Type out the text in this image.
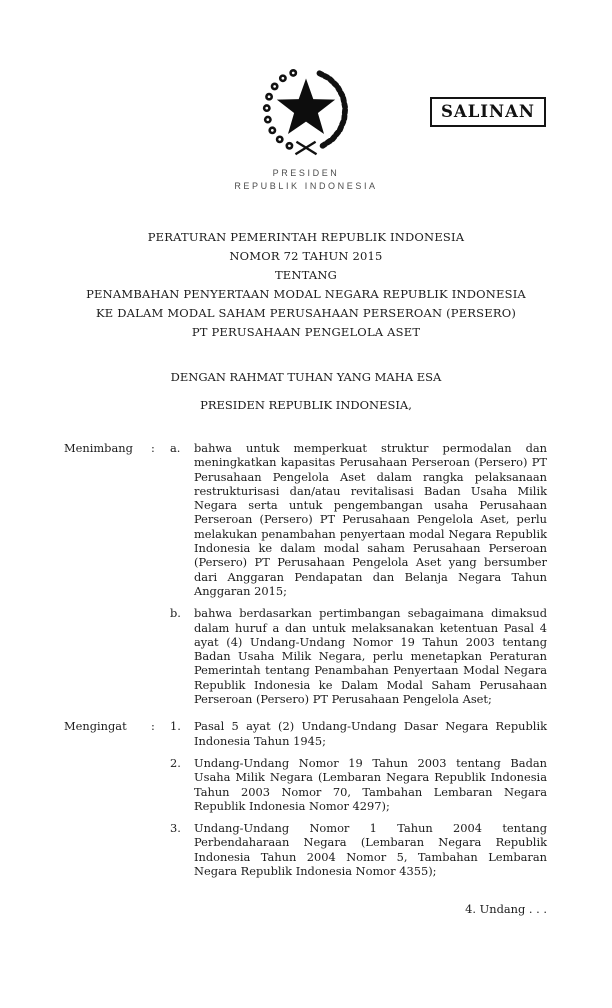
SALINAN
PRESIDEN
REPUBLIK INDONESIA
PERATURAN PEMERINTAH REPUBLIK INDONESIA
NOMOR 72 TAHUN 2015
TENTANG
PENAMBAHAN PENYERTAAN MODAL NEGARA REPUBLIK INDONESIA
KE DALAM MODAL SAHAM PERUSAHAAN PERSEROAN (PERSERO)
PT PERUSAHAAN PENGELOLA ASET
DENGAN RAHMAT TUHAN YANG MAHA ESA
PRESIDEN REPUBLIK INDONESIA,
Menimbang	:	a.	bahwa untuk memperkuat struktur permodalan dan meningkatkan kapasitas Perusahaan Perseroan (Persero) PT Perusahaan Pengelola Aset dalam rangka pelaksanaan restrukturisasi dan/atau revitalisasi Badan Usaha Milik Negara serta untuk pengembangan usaha Perusahaan Perseroan (Persero) PT Perusahaan Pengelola Aset, perlu melakukan penambahan penyertaan modal Negara Republik Indonesia ke dalam modal saham Perusahaan Perseroan (Persero) PT Perusahaan Pengelola Aset yang bersumber dari Anggaran Pendapatan dan Belanja Negara Tahun Anggaran 2015;
b.	bahwa berdasarkan pertimbangan sebagaimana dimaksud dalam huruf a dan untuk melaksanakan ketentuan Pasal 4 ayat (4) Undang-Undang Nomor 19 Tahun 2003 tentang Badan Usaha Milik Negara, perlu menetapkan Peraturan Pemerintah tentang Penambahan Penyertaan Modal Negara Republik Indonesia ke Dalam Modal Saham Perusahaan Perseroan (Persero) PT Perusahaan Pengelola Aset;
Mengingat	:	1.	Pasal 5 ayat (2) Undang-Undang Dasar Negara Republik Indonesia Tahun 1945;
2.	Undang-Undang Nomor 19 Tahun 2003 tentang Badan Usaha Milik Negara (Lembaran Negara Republik Indonesia Tahun 2003 Nomor 70, Tambahan Lembaran Negara Republik Indonesia Nomor 4297);
3.	Undang-Undang Nomor 1 Tahun 2004 tentang Perbendaharaan Negara (Lembaran Negara Republik Indonesia Tahun 2004 Nomor 5, Tambahan Lembaran Negara Republik Indonesia Nomor 4355);
4. Undang . . .
